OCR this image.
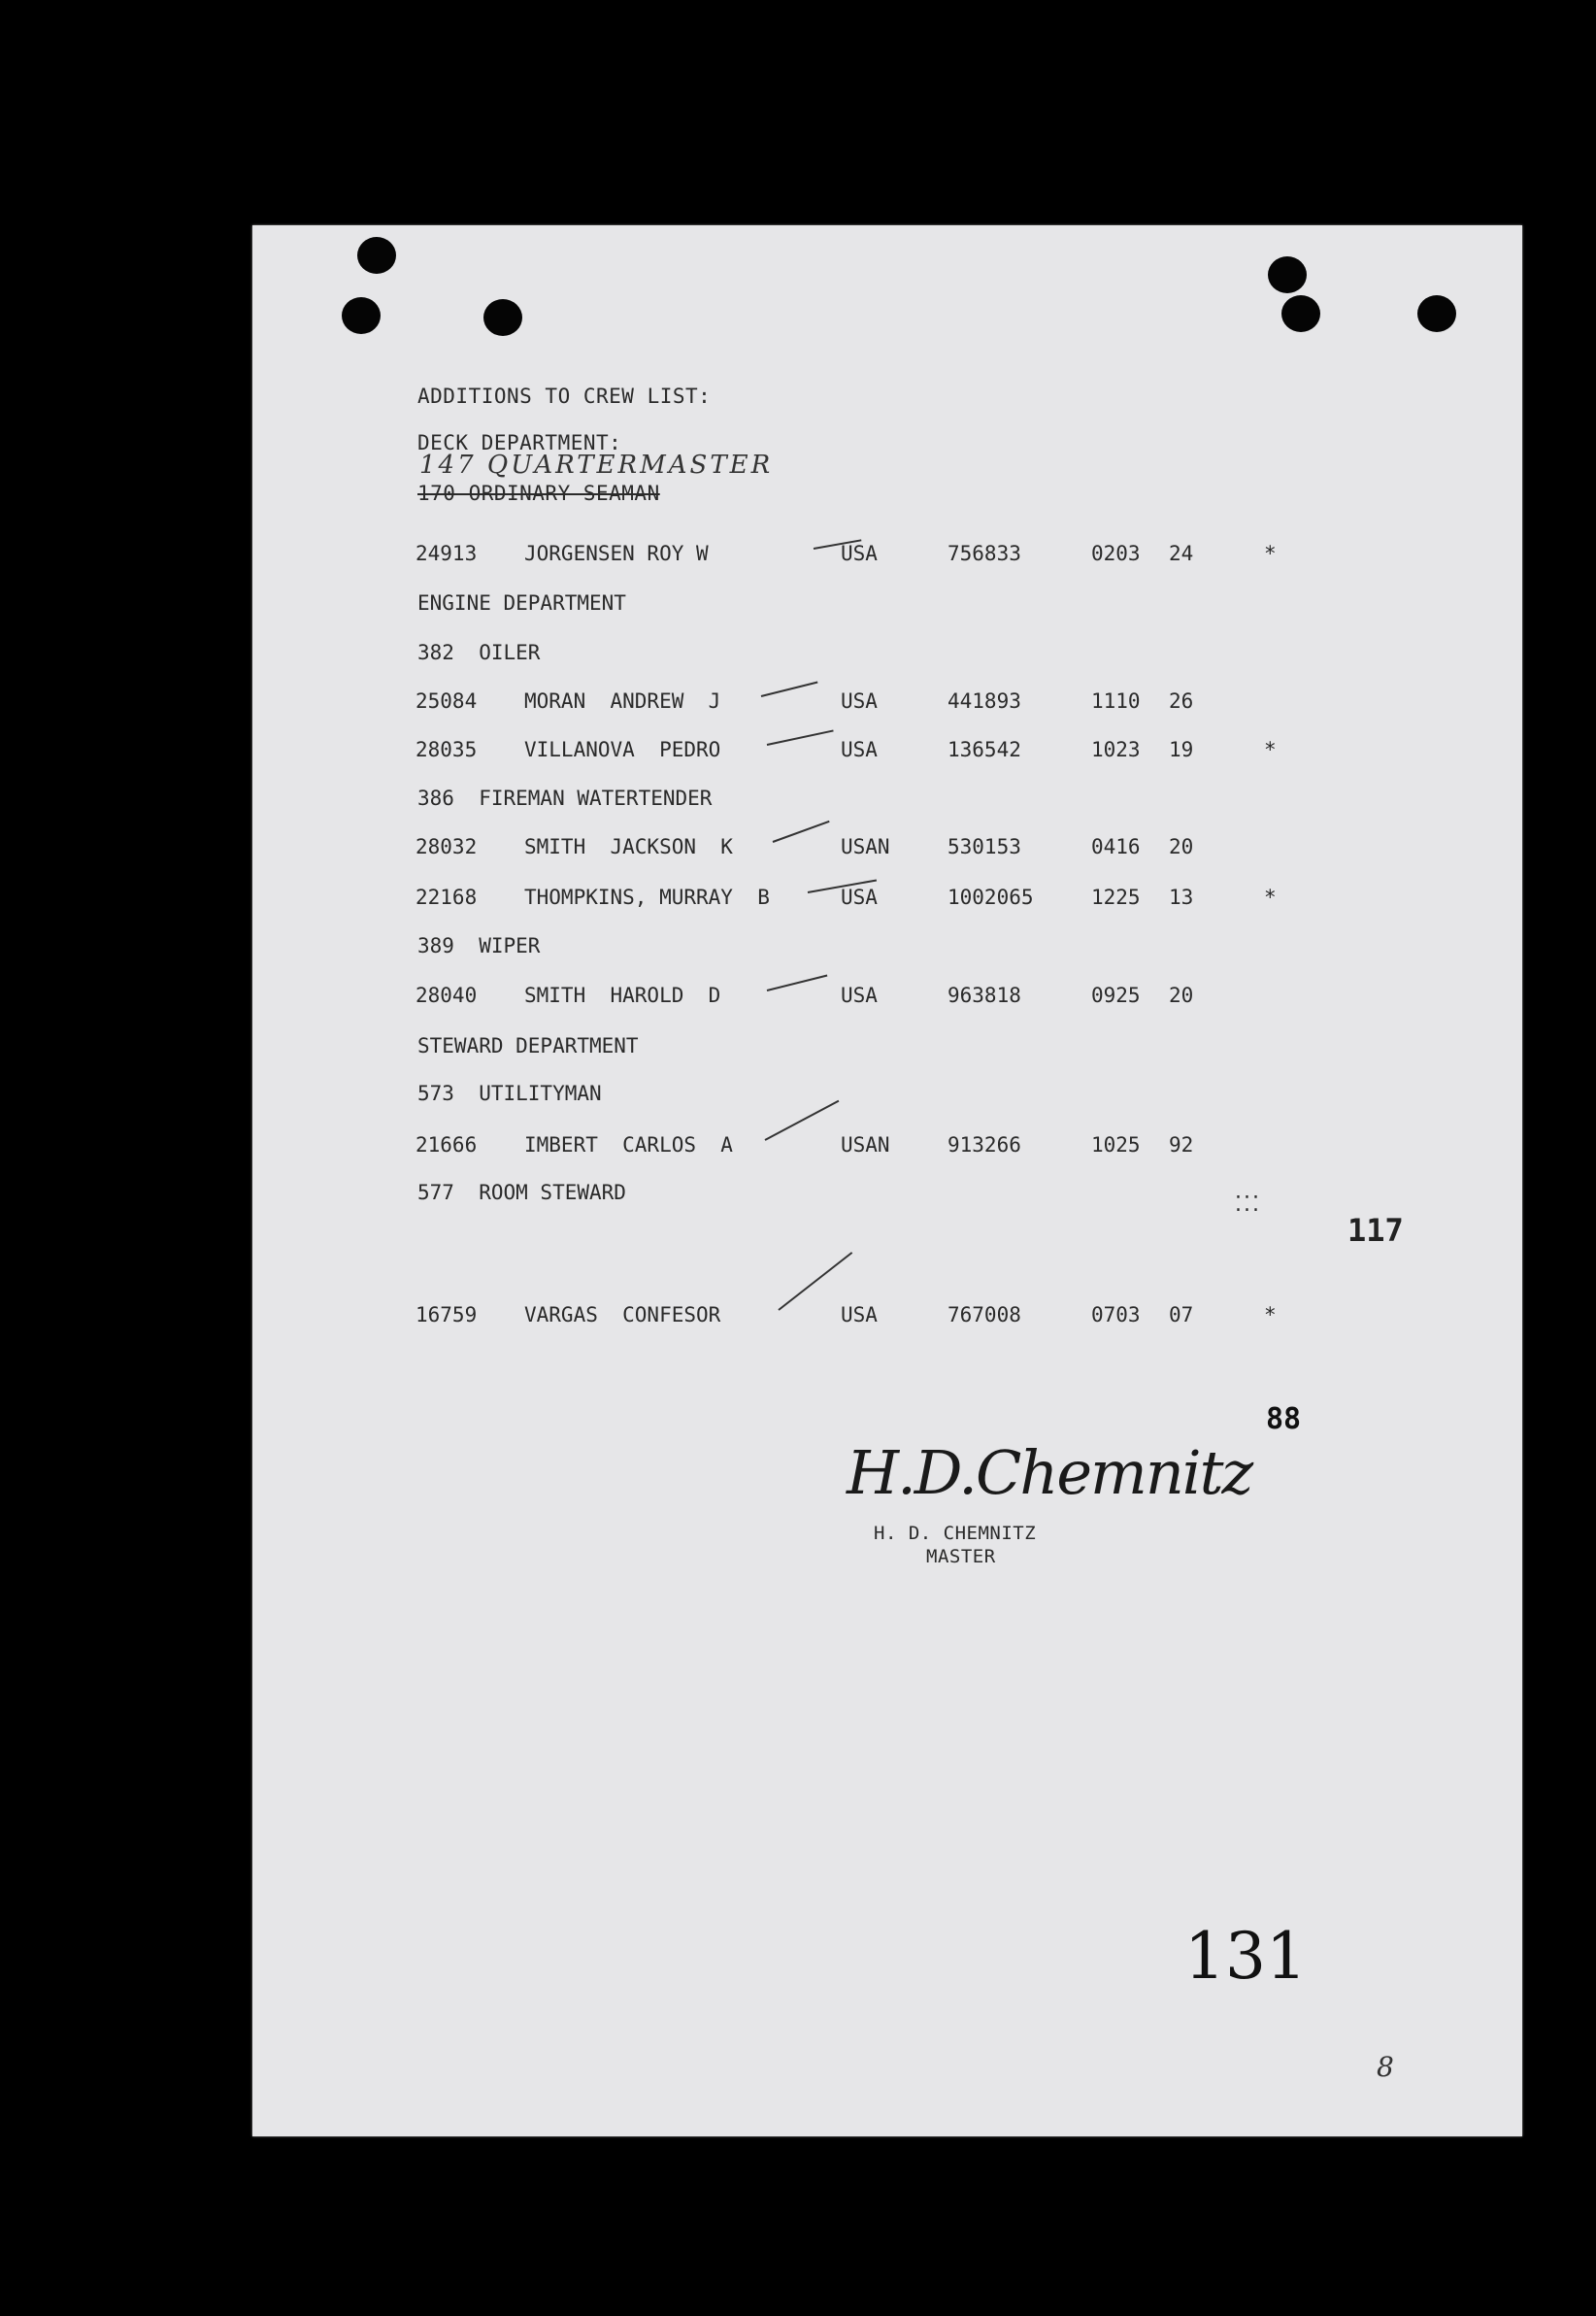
ADDITIONS TO CREW LIST:
DECK DEPARTMENT:
147 QUARTERMASTER
170 ORDINARY SEAMAN
24913 JORGENSEN ROY W	USA	756833	0203 24	*
ENGINE DEPARTMENT
382  OILER
25084 MORAN  ANDREW  J	USA	441893	1110 26
28035 VILLANOVA  PEDRO	USA	136542	1023 19	*
386  FIREMAN WATERTENDER
28032 SMITH  JACKSON  K	USAN	530153	0416 20
22168 THOMPKINS, MURRAY  B	USA	1002065	1225 13	*
389  WIPER
28040 SMITH  HAROLD  D	USA	963818	0925 20
STEWARD DEPARTMENT
573  UTILITYMAN
21666 IMBERT  CARLOS  A	USAN	913266	1025 92
577  ROOM STEWARD
16759 VARGAS  CONFESOR	USA	767008	0703 07	*
⁚⁚⁚
117
88
H.D.Chemnitz
H. D. CHEMNITZ
MASTER
131
8
